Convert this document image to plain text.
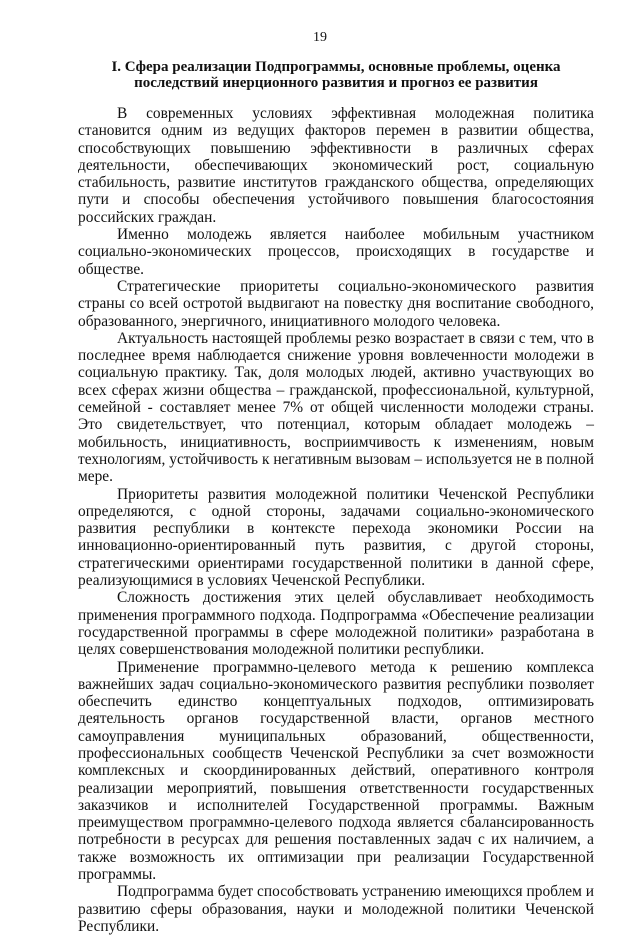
19
I. Сфера реализации Подпрограммы, основные проблемы, оценка
последствий инерционного развития и прогноз ее развития

В современных условиях эффективная молодежная политика становится одним из ведущих факторов перемен в развитии общества, способствующих повышению эффективности в различных сферах деятельности, обеспечивающих экономический рост, социальную стабильность, развитие институтов гражданского общества, определяющих пути и способы обеспечения устойчивого повышения благосостояния российских граждан.

Именно молодежь является наиболее мобильным участником социально-экономических процессов, происходящих в государстве и обществе.

Стратегические приоритеты социально-экономического развития страны со всей остротой выдвигают на повестку дня воспитание свободного, образованного, энергичного, инициативного молодого человека.

Актуальность настоящей проблемы резко возрастает в связи с тем, что в последнее время наблюдается снижение уровня вовлеченности молодежи в социальную практику. Так, доля молодых людей, активно участвующих во всех сферах жизни общества – гражданской, профессиональной, культурной, семейной - составляет менее 7% от общей численности молодежи страны. Это свидетельствует, что потенциал, которым обладает молодежь – мобильность, инициативность, восприимчивость к изменениям, новым технологиям, устойчивость к негативным вызовам – используется не в полной мере.

Приоритеты развития молодежной политики Чеченской Республики определяются, с одной стороны, задачами социально-экономического развития республики в контексте перехода экономики России на инновационно-ориентированный путь развития, с другой стороны, стратегическими ориентирами государственной политики в данной сфере, реализующимися в условиях Чеченской Республики.

Сложность достижения этих целей обуславливает необходимость применения программного подхода. Подпрограмма «Обеспечение реализации государственной программы в сфере молодежной политики» разработана в целях совершенствования молодежной политики республики.

Применение программно-целевого метода к решению комплекса важнейших задач социально-экономического развития республики позволяет обеспечить единство концептуальных подходов, оптимизировать деятельность органов государственной власти, органов местного самоуправления муниципальных образований, общественности, профессиональных сообществ Чеченской Республики за счет возможности комплексных и скоординированных действий, оперативного контроля реализации мероприятий, повышения ответственности государственных заказчиков и исполнителей Государственной программы. Важным преимуществом программно-целевого подхода является сбалансированность потребности в ресурсах для решения поставленных задач с их наличием, а также возможность их оптимизации при реализации Государственной программы.

Подпрограмма будет способствовать устранению имеющихся проблем и развитию сферы образования, науки и молодежной политики Чеченской Республики.
